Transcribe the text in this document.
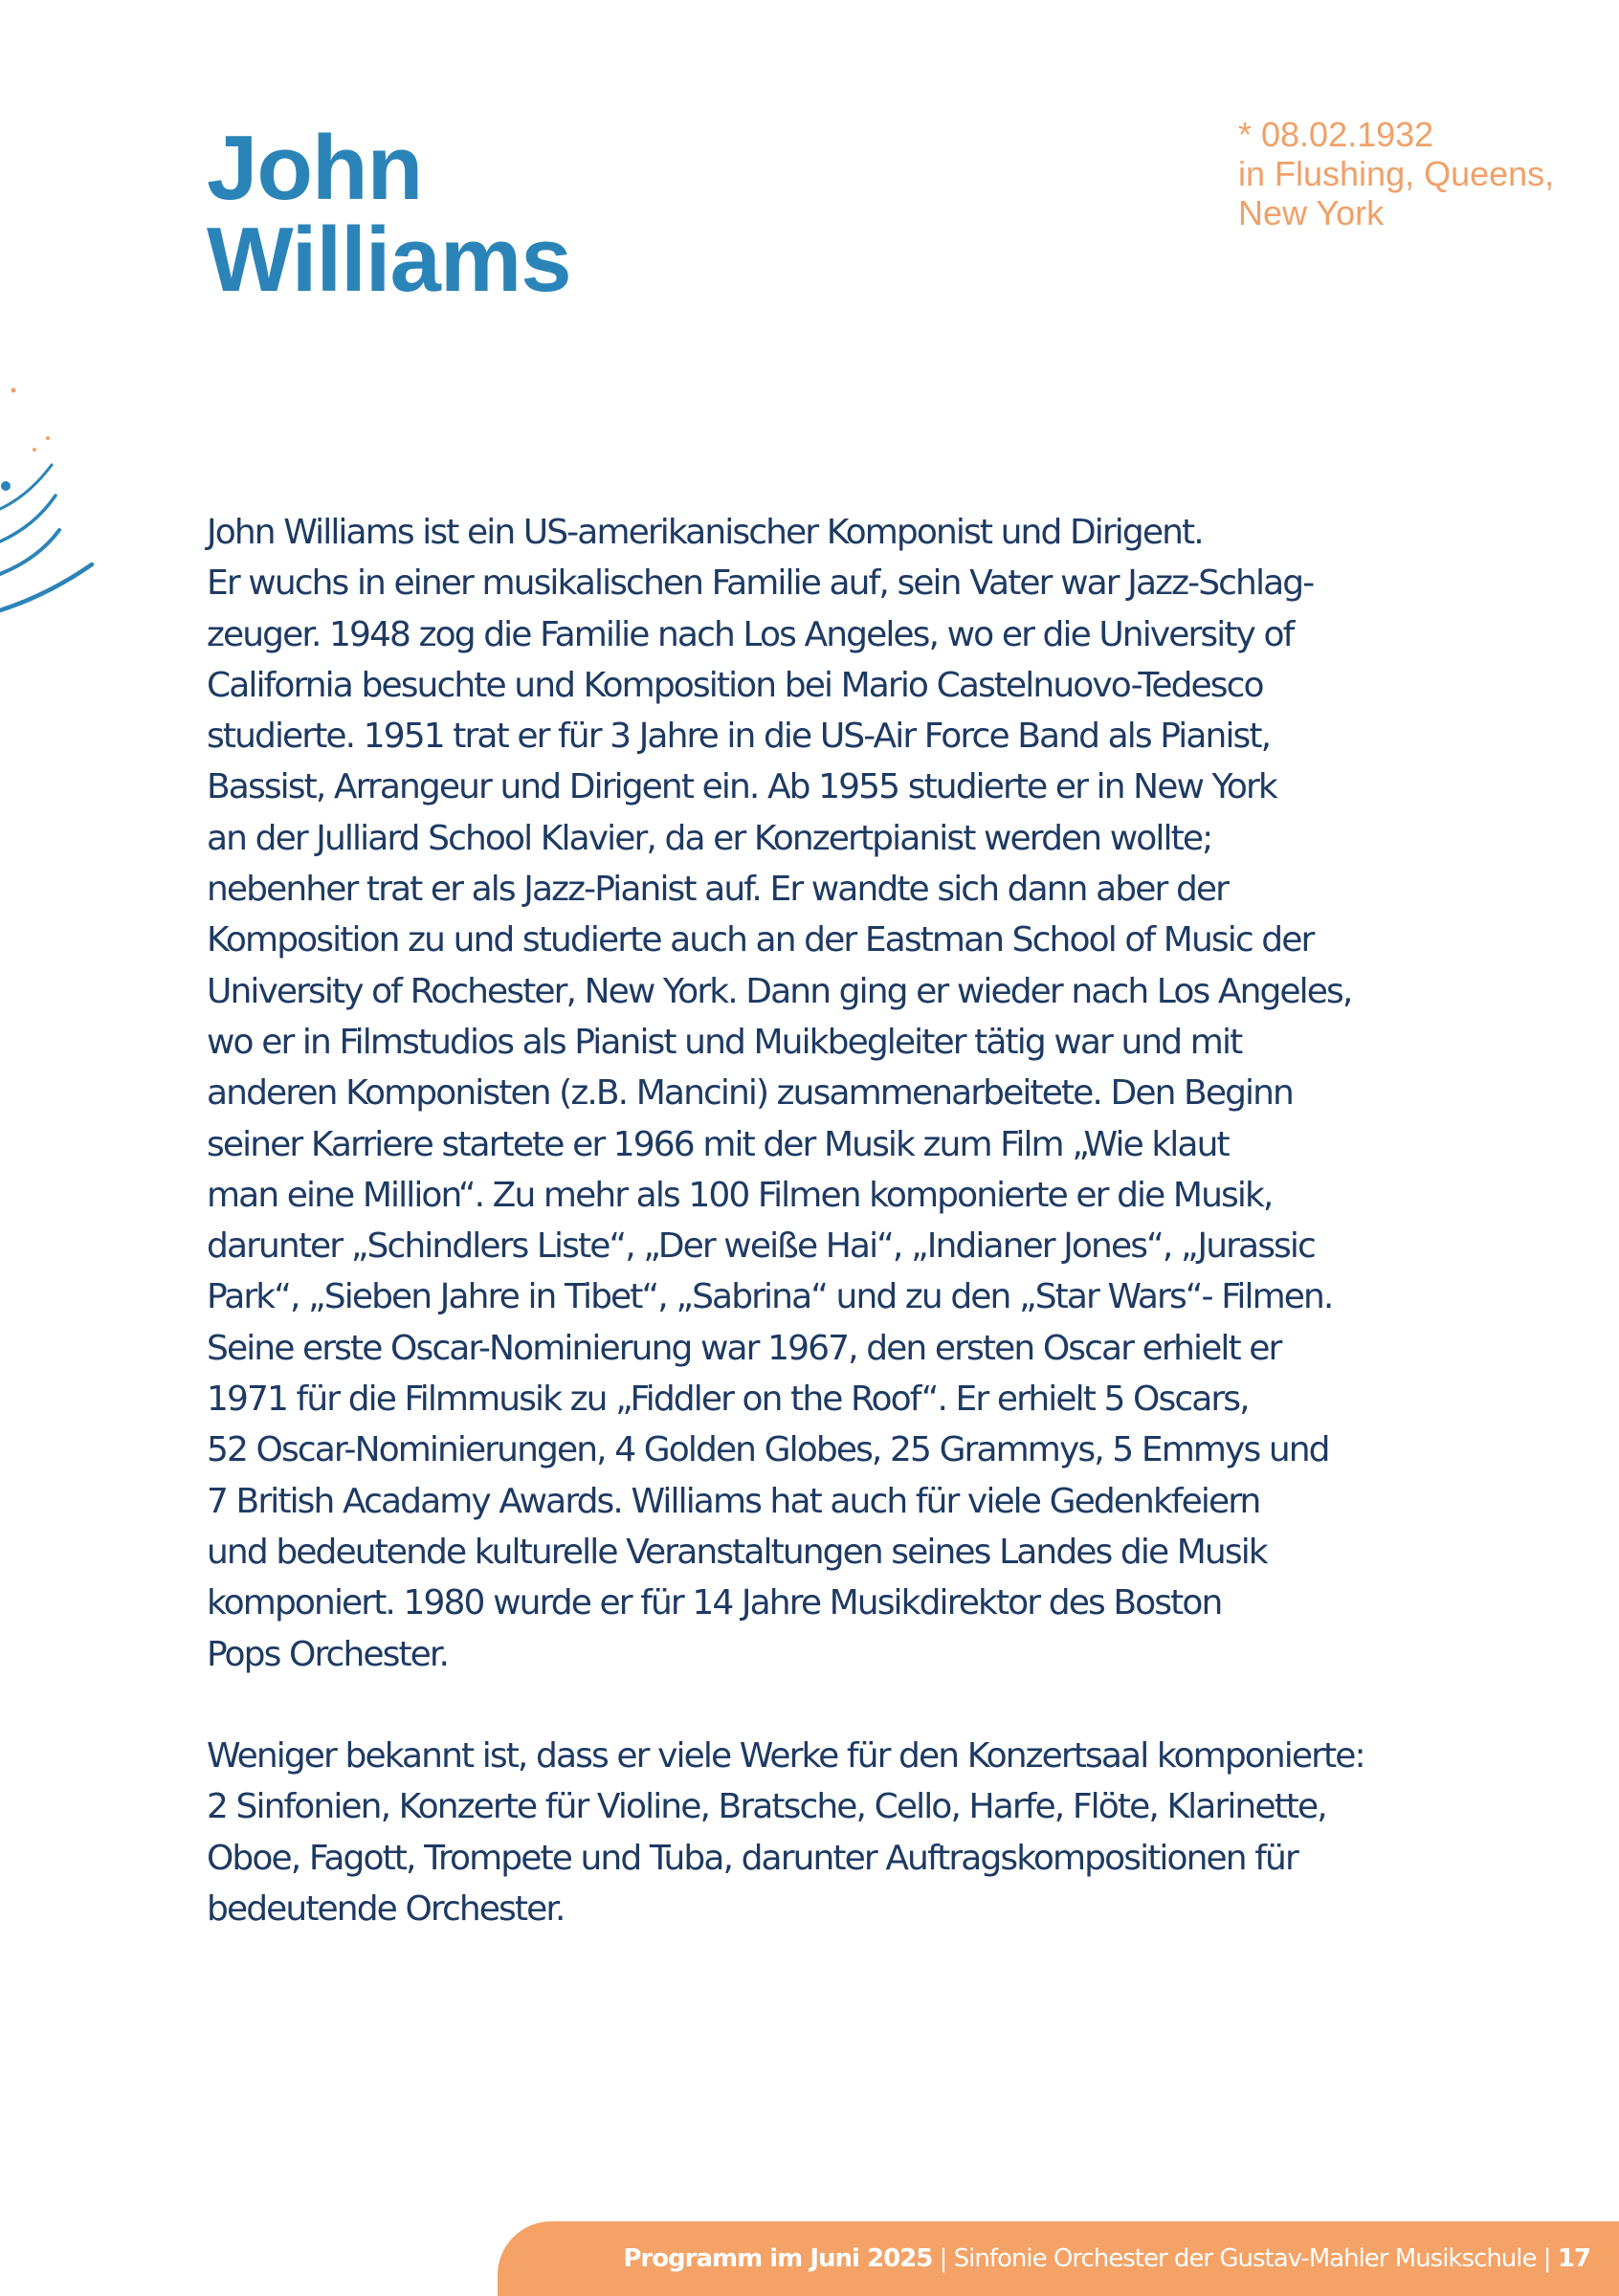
John
Williams
* 08.02.1932
in Flushing, Queens,
New York
John Williams ist ein US-amerikanischer Komponist und Dirigent.
Er wuchs in einer musikalischen Familie auf, sein Vater war Jazz-Schlag-
zeuger. 1948 zog die Familie nach Los Angeles, wo er die University of
California besuchte und Komposition bei Mario Castelnuovo-Tedesco
studierte. 1951 trat er für 3 Jahre in die US-Air Force Band als Pianist,
Bassist, Arrangeur und Dirigent ein. Ab 1955 studierte er in New York
an der Julliard School Klavier, da er Konzertpianist werden wollte;
nebenher trat er als Jazz-Pianist auf. Er wandte sich dann aber der
Komposition zu und studierte auch an der Eastman School of Music der
University of Rochester, New York. Dann ging er wieder nach Los Angeles,
wo er in Filmstudios als Pianist und Muikbegleiter tätig war und mit
anderen Komponisten (z.B. Mancini) zusammenarbeitete. Den Beginn
seiner Karriere startete er 1966 mit der Musik zum Film „Wie klaut
man eine Million“. Zu mehr als 100 Filmen komponierte er die Musik,
darunter „Schindlers Liste“, „Der weiße Hai“, „Indianer Jones“, „Jurassic
Park“, „Sieben Jahre in Tibet“, „Sabrina“ und zu den „Star Wars“- Filmen.
Seine erste Oscar-Nominierung war 1967, den ersten Oscar erhielt er
1971 für die Filmmusik zu „Fiddler on the Roof“. Er erhielt 5 Oscars,
52 Oscar-Nominierungen, 4 Golden Globes, 25 Grammys, 5 Emmys und
7 British Acadamy Awards. Williams hat auch für viele Gedenkfeiern
und bedeutende kulturelle Veranstaltungen seines Landes die Musik
komponiert. 1980 wurde er für 14 Jahre Musikdirektor des Boston
Pops Orchester.
Weniger bekannt ist, dass er viele Werke für den Konzertsaal komponierte:
2 Sinfonien, Konzerte für Violine, Bratsche, Cello, Harfe, Flöte, Klarinette,
Oboe, Fagott, Trompete und Tuba, darunter Auftragskompositionen für
bedeutende Orchester.
Programm im Juni 2025 | Sinfonie Orchester der Gustav-Mahler Musikschule | 17
